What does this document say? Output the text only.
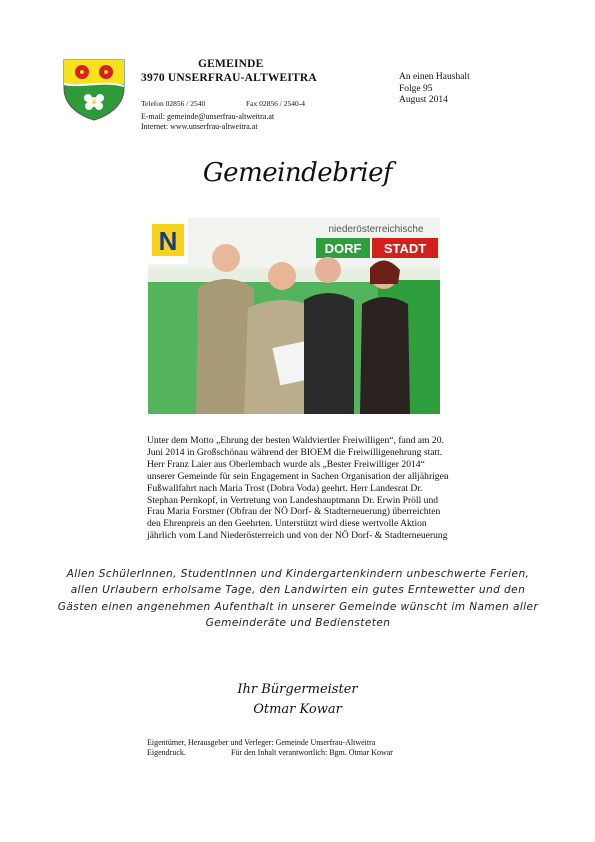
GEMEINDE
3970 UNSERFRAU-ALTWEITRA
Telefon 02856 / 2540	Fax 02856 / 2540-4
E-mail: gemeinde@unserfrau-altweitra.at
Internet: www.unserfrau-altweitra.at
An einen Haushalt
Folge 95
August 2014
Gemeindebrief
N	niederösterreichische
DORF STADT
Unter dem Motto „Ehrung der besten Waldviertler Freiwilligen“, fand am 20. Juni 2014 in Großschönau während der BIOEM die Freiwilligenehrung statt. Herr Franz Laier aus Oberlembach wurde als „Bester Freiwilliger 2014“ unserer Gemeinde für sein Engagement in Sachen Organisation der alljährigen Fußwallfahrt nach Maria Trost (Dobra Voda) geehrt. Herr Landesrat Dr. Stephan Pernkopf, in Vertretung von Landeshauptmann Dr. Erwin Pröll und Frau Maria Forstner (Obfrau der NÖ Dorf- & Stadterneuerung) überreichten den Ehrenpreis an den Geehrten. Unterstützt wird diese wertvolle Aktion jährlich vom Land Niederösterreich und von der NÖ Dorf- & Stadterneuerung
Allen SchülerInnen, StudentInnen und Kindergartenkindern unbeschwerte Ferien, allen Urlaubern erholsame Tage, den Landwirten ein gutes Erntewetter und den Gästen einen angenehmen Aufenthalt in unserer Gemeinde wünscht im Namen aller Gemeinderäte und Bediensteten
Ihr Bürgermeister
Otmar Kowar
Eigentümer, Herausgeber und Verleger: Gemeinde Unserfrau-Altweitra
Eigendruck.	Für den Inhalt verantwortlich: Bgm. Otmar Kowar
